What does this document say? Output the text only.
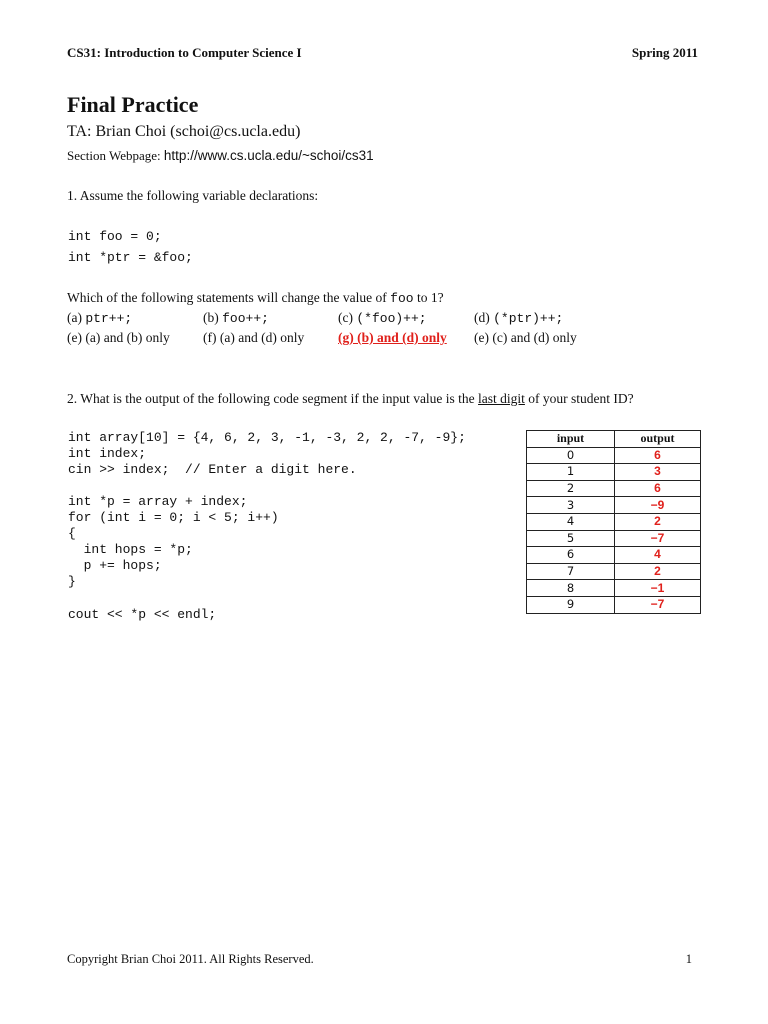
CS31: Introduction to Computer Science I	Spring 2011
Final Practice
TA: Brian Choi (schoi@cs.ucla.edu)
Section Webpage: http://www.cs.ucla.edu/~schoi/cs31
1. Assume the following variable declarations:
int foo = 0;
int *ptr = &foo;
Which of the following statements will change the value of foo to 1?
(a) ptr++;	(b) foo++;	(c) (*foo)++;	(d) (*ptr)++;
(e) (a) and (b) only (f) (a) and (d) only	(g) (b) and (d) only (e) (c) and (d) only
2. What is the output of the following code segment if the input value is the last digit of your student ID?
int array[10] = {4, 6, 2, 3, -1, -3, 2, 2, -7, -9};
int index;
cin >> index;  // Enter a digit here.
int *p = array + index;
for (int i = 0; i < 5; i++)
{
int hops = *p;
p += hops;
}
cout << *p << endl;
input	output
0	6
1	3
2	6
3	−9
4	2
5	−7
6	4
7	2
8	−1
9	−7
Copyright Brian Choi 2011. All Rights Reserved.	1
